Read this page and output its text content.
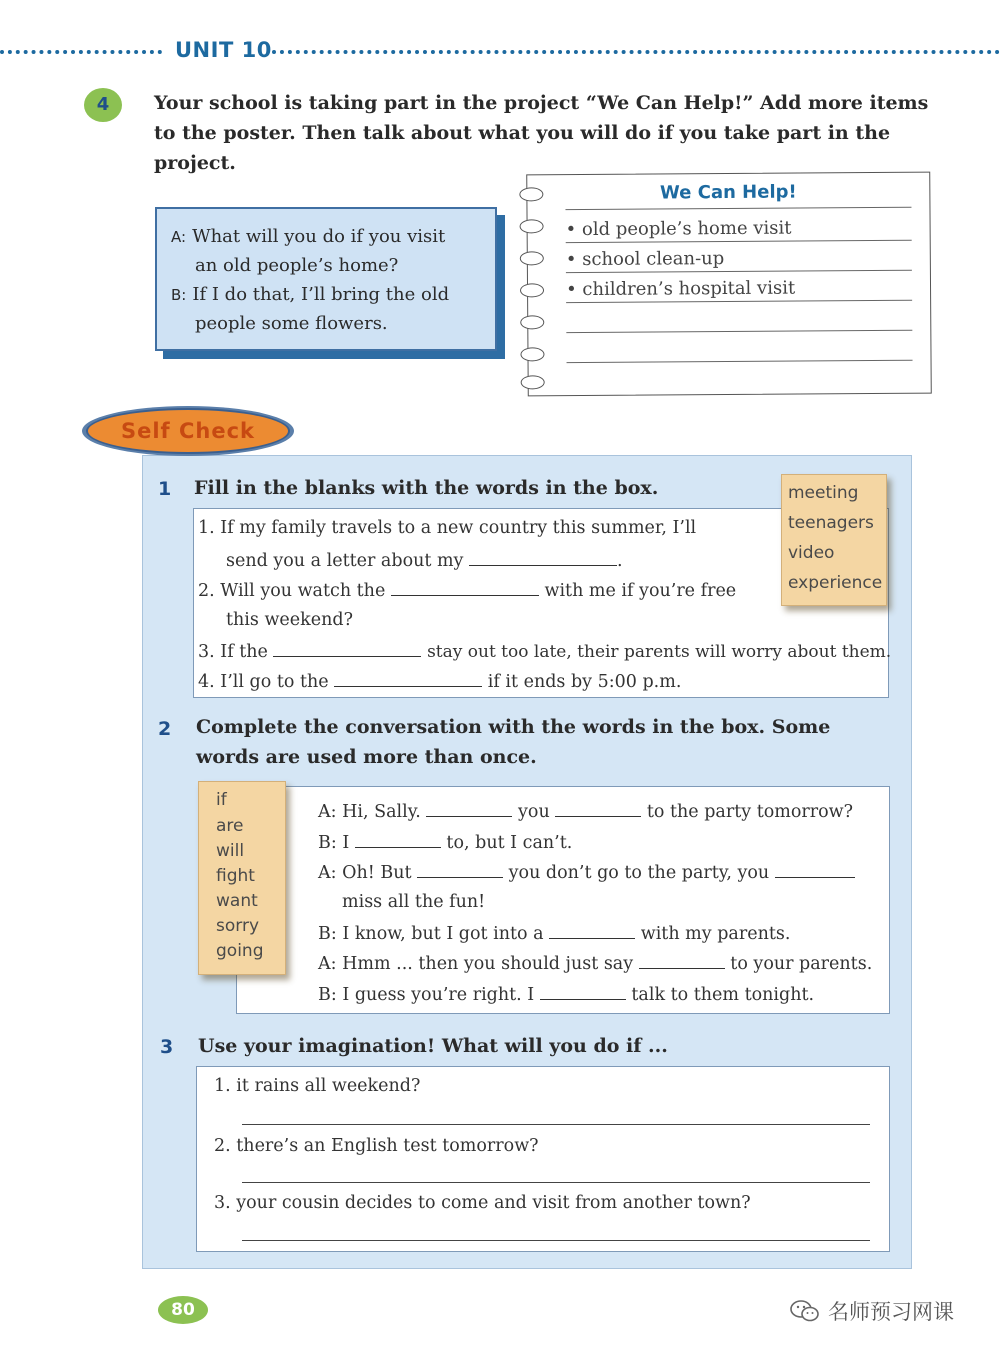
UNIT 10
4	Your school is taking part in the project “We Can Help!” Add more items to the poster. Then talk about what you will do if you take part in the project.
A: What will you do if you visit
an old people’s home?
B: If I do that, I’ll bring the old
people some flowers.
We Can Help!
• old people’s home visit
• school clean-up
• children’s hospital visit
Self Check
1 Fill in the blanks with the words in the box.
1. If my family travels to a new country this summer, I’ll
send you a letter about my	.
2. Will you watch the	with me if you’re free
this weekend?
3. If the	stay out too late, their parents will worry about them.
4. I’ll go to the	if it ends by 5:00 p.m.
meeting
teenagers
video
experience
2 Complete the conversation with the words in the box. Some
words are used more than once.
A: Hi, Sally.	you	to the party tomorrow?
B: I	to, but I can’t.
A: Oh! But	you don’t go to the party, you
miss all the fun!
B: I know, but I got into a	with my parents.
A: Hmm ... then you should just say	to your parents.
B: I guess you’re right. I	talk to them tonight.
if
are
will
fight
want
sorry
going
3 Use your imagination! What will you do if ...
1. it rains all weekend?
2. there’s an English test tomorrow?
3. your cousin decides to come and visit from another town?
80	名师预习网课
